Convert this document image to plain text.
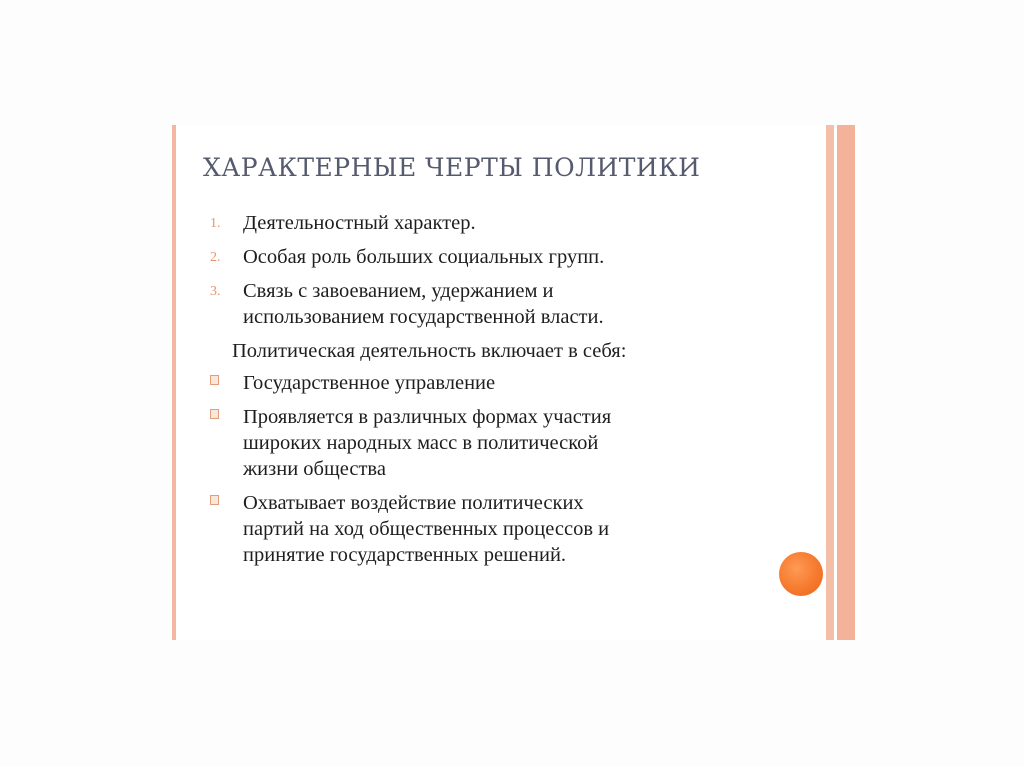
ХАРАКТЕРНЫЕ ЧЕРТЫ ПОЛИТИКИ
1. Деятельностный характер.
2. Особая роль больших социальных групп.
3. Связь с завоеванием, удержанием и
использованием государственной власти.
Политическая деятельность включает в себя:
Государственное управление
Проявляется в различных формах участия
широких народных масс в политической
жизни общества
Охватывает воздействие политических
партий на ход общественных процессов и
принятие государственных решений.
